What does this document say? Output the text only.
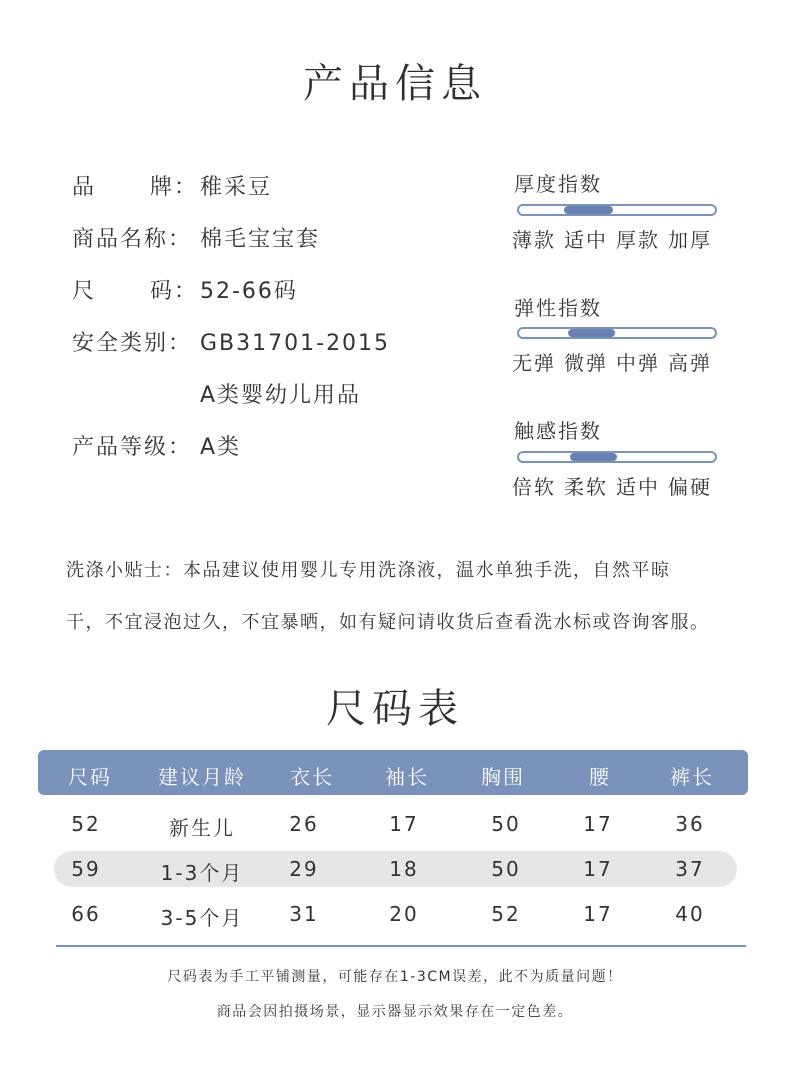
产品信息
品      牌：稚采豆
商品名称： 棉毛宝宝套
尺      码：52-66码
安全类别： GB31701-2015
A类婴幼儿用品
产品等级： A类
厚度指数
薄款 适中 厚款 加厚
弹性指数
无弹 微弹 中弹 高弹
触感指数
倍软 柔软 适中 偏硬
洗涤小贴士：本品建议使用婴儿专用洗涤液，温水单独手洗，自然平晾
干，不宜浸泡过久，不宜暴晒，如有疑问请收货后查看洗水标或咨询客服。
尺码表
尺码	建议月龄	衣长	袖长	胸围	腰	裤长
52	新生儿	26	17	50	17	36
59	1-3个月	29	18	50	17	37
66	3-5个月	31	20	52	17	40
尺码表为手工平铺测量，可能存在1-3CM误差，此不为质量问题！
商品会因拍摄场景，显示器显示效果存在一定色差。
